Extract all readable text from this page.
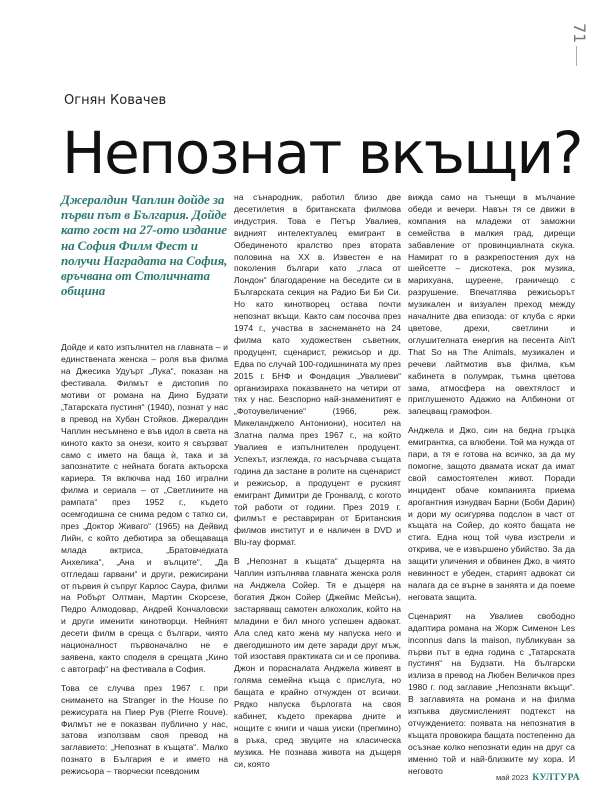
71
Огнян Ковачев
Непознат вкъщи?

Джералдин Чаплин дойде за първи път в България. Дойде като гост на 27-ото издание на София Филм Фест и получи Наградата на София, връчвана от Столичната община

Дойде и като изпълнител на главната – и единствената женска – роля във филма на Джесика Удуърт „Лука“, показан на фестивала. Филмът е дистопия по мотиви от романа на Дино Будзати „Татарската пустиня“ (1940), познат у нас в превод на Хубан Стойков. Джералдин Чаплин несъмнено е във идол в света на киното както за онези, които я свързват само с името на баща ѝ, така и за запознатите с нейната богата актьорска кариера. Тя включва над 160 игрални филма и сериала – от „Светлините на рампата“ през 1952 г., където осемгодишна се снима редом с татко си, през „Доктор Живаго“ (1965) на Дейвид Лийн, с който дебютира за обещаваща млада актриса, „Братовчедката Анхелика“, „Ана и вълците“, „Да отгледаш гарвани“ и други, режисирани от първия ѝ съпруг Карлос Саура, филми на Робърт Олтман, Мартин Скорсезе, Педро Алмодовар, Андрей Кончаловски и други именити кинотворци. Нейният десети филм в среща с българи, чиято националност първоначално не е заявена, както споделя в срещата „Кино с автограф“ на фестивала в София.

Това се случва през 1967 г. при снимането на Stranger in the House по режисурата на Пиер Рув (Pierre Rouve). Филмът не е показван публично у нас, затова използвам своя превод на заглавието: „Непознат в къщата“. Малко познато в България е и името на режисьора – творчески псевдоним

на сънародник, работил близо две десетилетия в британската филмова индустрия. Това е Петър Увалиев, видният интелектуалец емигрант в Обединеното кралство през втората половина на XX в. Известен е на поколения българи като „гласа от Лондон“ благодарение на беседите си в Българската секция на Радио Би Би Си. Но като кинотворец остава почти непознат вкъщи. Както сам посочва през 1974 г., участва в заснемането на 24 филма като художествен съветник, продуцент, сценарист, режисьор и др. Едва по случай 100-годишнината му през 2015 г. БНФ и Фондация „Увалиеви“ организираха показването на четири от тях у нас. Безспорно най-знаменитият е „Фотоувеличение“ (1966, реж. Микеланджело Антониони), носител на Златна палма през 1967 г., на който Увалиев е изпълнителен продуцент. Успехът, изглежда, го насърчава същата година да застане в ролите на сценарист и режисьор, а продуцент е руският емигрант Димитри де Гронвалд, с когото той работи от години. През 2019 г. филмът е реставриран от Британския филмов институт и е наличен в DVD и Blu-ray формат.

В „Непознат в къщата“ дъщерята на Чаплин изпълнява главната женска роля на Анджела Сойер. Тя е дъщеря на богатия Джон Сойер (Джеймс Мейсън), застаряващ самотен алкохолик, който на младини е бил много успешен адвокат. Ала след като жена му напуска него и двегодишното им дете заради друг мъж, той изоставя практиката си и се пропива. Джон и порасналата Анджела живеят в голяма семейна къща с прислуга, но бащата е крайно отчужден от всички. Рядко напуска бърлогата на своя кабинет, където прекарва дните и нощите с книги и чаша уиски (прегмино) в ръка, сред звуците на класическа музика. Не познава живота на дъщеря си, която

вижда само на тънещи в мълчание обеди и вечери. Навън тя се движи в компания на младежи от заможни семейства в малкия град, дирещи забавление от провинциалната скука. Намират го в разкрепостения дух на шейсетте – дискотека, рок музика, марихуана, щуреене, граничещо с разрушение. Впечатлява режисьорът музикален и визуален преход между началните два епизода: от клуба с ярки цветове, дрехи, светлини и оглушителната енергия на песента Ain't That So на The Animals, музикален и речеви лайтмотив във филма, към кабинета в полумрак, тъмна цветова зама, атмосфера на овехтялост и приглушеното Адажио на Албинони от запецващ грамофон.

Анджела и Джо, син на бедна гръцка емигрантка, са влюбени. Той ма нужда от пари, а тя е готова на всичко, за да му помогне, защото двамата искат да имат свой самостоятелен живот. Поради инцидент обаче компанията приема арогантния изнудвач Барни (Боби Дарин) и дори му осигурява подслон в част от къщата на Сойер, до която бащата не стига. Една нощ той чува изстрели и открива, че е извършено убийство. За да защити уличения и обвинен Джо, в чиято невинност е убеден, старият адвокат си налага да се върне в заняята и да поеме неговата защита.

Сценарият на Увалиев свободно адаптира романа на Жорж Сименон Les inconnus dans la maison, публикуван за първи път в една година с „Татарската пустиня“ на Будзати. На български излиза в превод на Любен Величков през 1980 г. под заглавие „Непознати вкъщи“. В заглавията на романа и на филма изпъква двусмисленият подтекст на отчуждението: появата на непознатия в къщата провокира бащата постепенно да осъзнае колко непознати един на друг са именно той и най-близките му хора. И неговото

май 2023 КУЛТУРА
